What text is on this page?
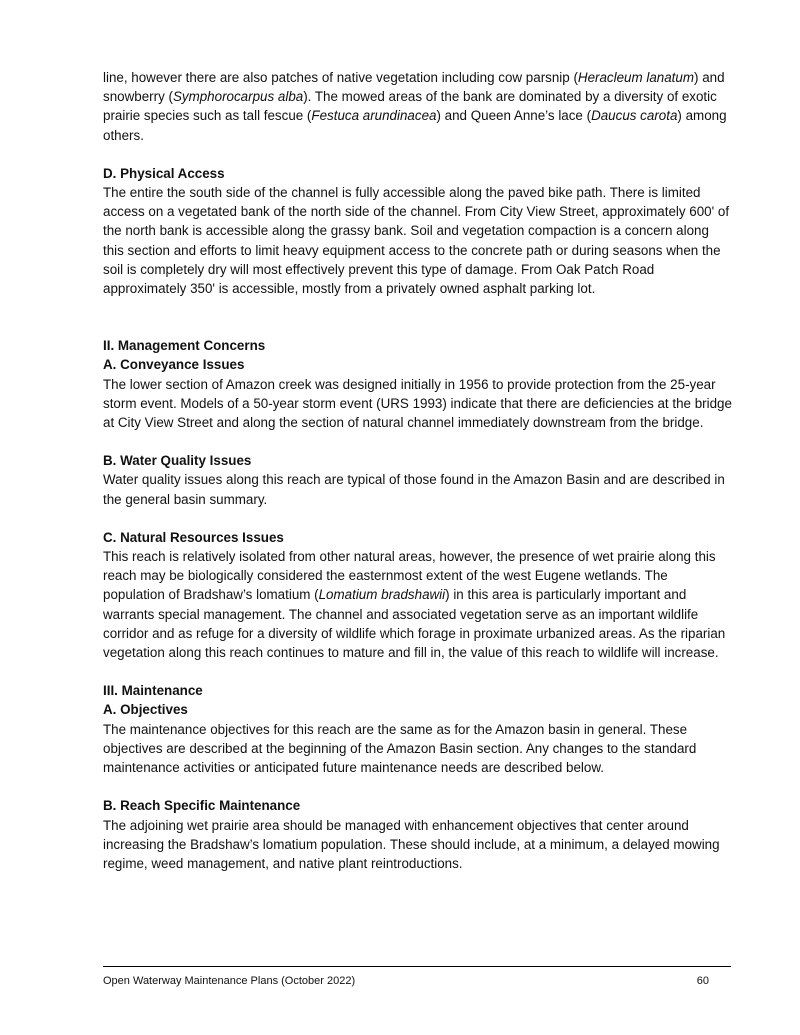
line, however there are also patches of native vegetation including cow parsnip (Heracleum lanatum) and snowberry (Symphorocarpus alba). The mowed areas of the bank are dominated by a diversity of exotic prairie species such as tall fescue (Festuca arundinacea) and Queen Anne’s lace (Daucus carota) among others.

D. Physical Access

The entire the south side of the channel is fully accessible along the paved bike path. There is limited access on a vegetated bank of the north side of the channel. From City View Street, approximately 600' of the north bank is accessible along the grassy bank. Soil and vegetation compaction is a concern along this section and efforts to limit heavy equipment access to the concrete path or during seasons when the soil is completely dry will most effectively prevent this type of damage. From Oak Patch Road approximately 350' is accessible, mostly from a privately owned asphalt parking lot.

II. Management Concerns

A. Conveyance Issues

The lower section of Amazon creek was designed initially in 1956 to provide protection from the 25-year storm event. Models of a 50-year storm event (URS 1993) indicate that there are deficiencies at the bridge at City View Street and along the section of natural channel immediately downstream from the bridge.

B. Water Quality Issues

Water quality issues along this reach are typical of those found in the Amazon Basin and are described in the general basin summary.

C. Natural Resources Issues

This reach is relatively isolated from other natural areas, however, the presence of wet prairie along this reach may be biologically considered the easternmost extent of the west Eugene wetlands. The population of Bradshaw’s lomatium (Lomatium bradshawii) in this area is particularly important and warrants special management. The channel and associated vegetation serve as an important wildlife corridor and as refuge for a diversity of wildlife which forage in proximate urbanized areas. As the riparian vegetation along this reach continues to mature and fill in, the value of this reach to wildlife will increase.

III. Maintenance

A. Objectives

The maintenance objectives for this reach are the same as for the Amazon basin in general. These objectives are described at the beginning of the Amazon Basin section. Any changes to the standard maintenance activities or anticipated future maintenance needs are described below.

B. Reach Specific Maintenance

The adjoining wet prairie area should be managed with enhancement objectives that center around increasing the Bradshaw’s lomatium population. These should include, at a minimum, a delayed mowing regime, weed management, and native plant reintroductions.

Open Waterway Maintenance Plans (October 2022)	60
